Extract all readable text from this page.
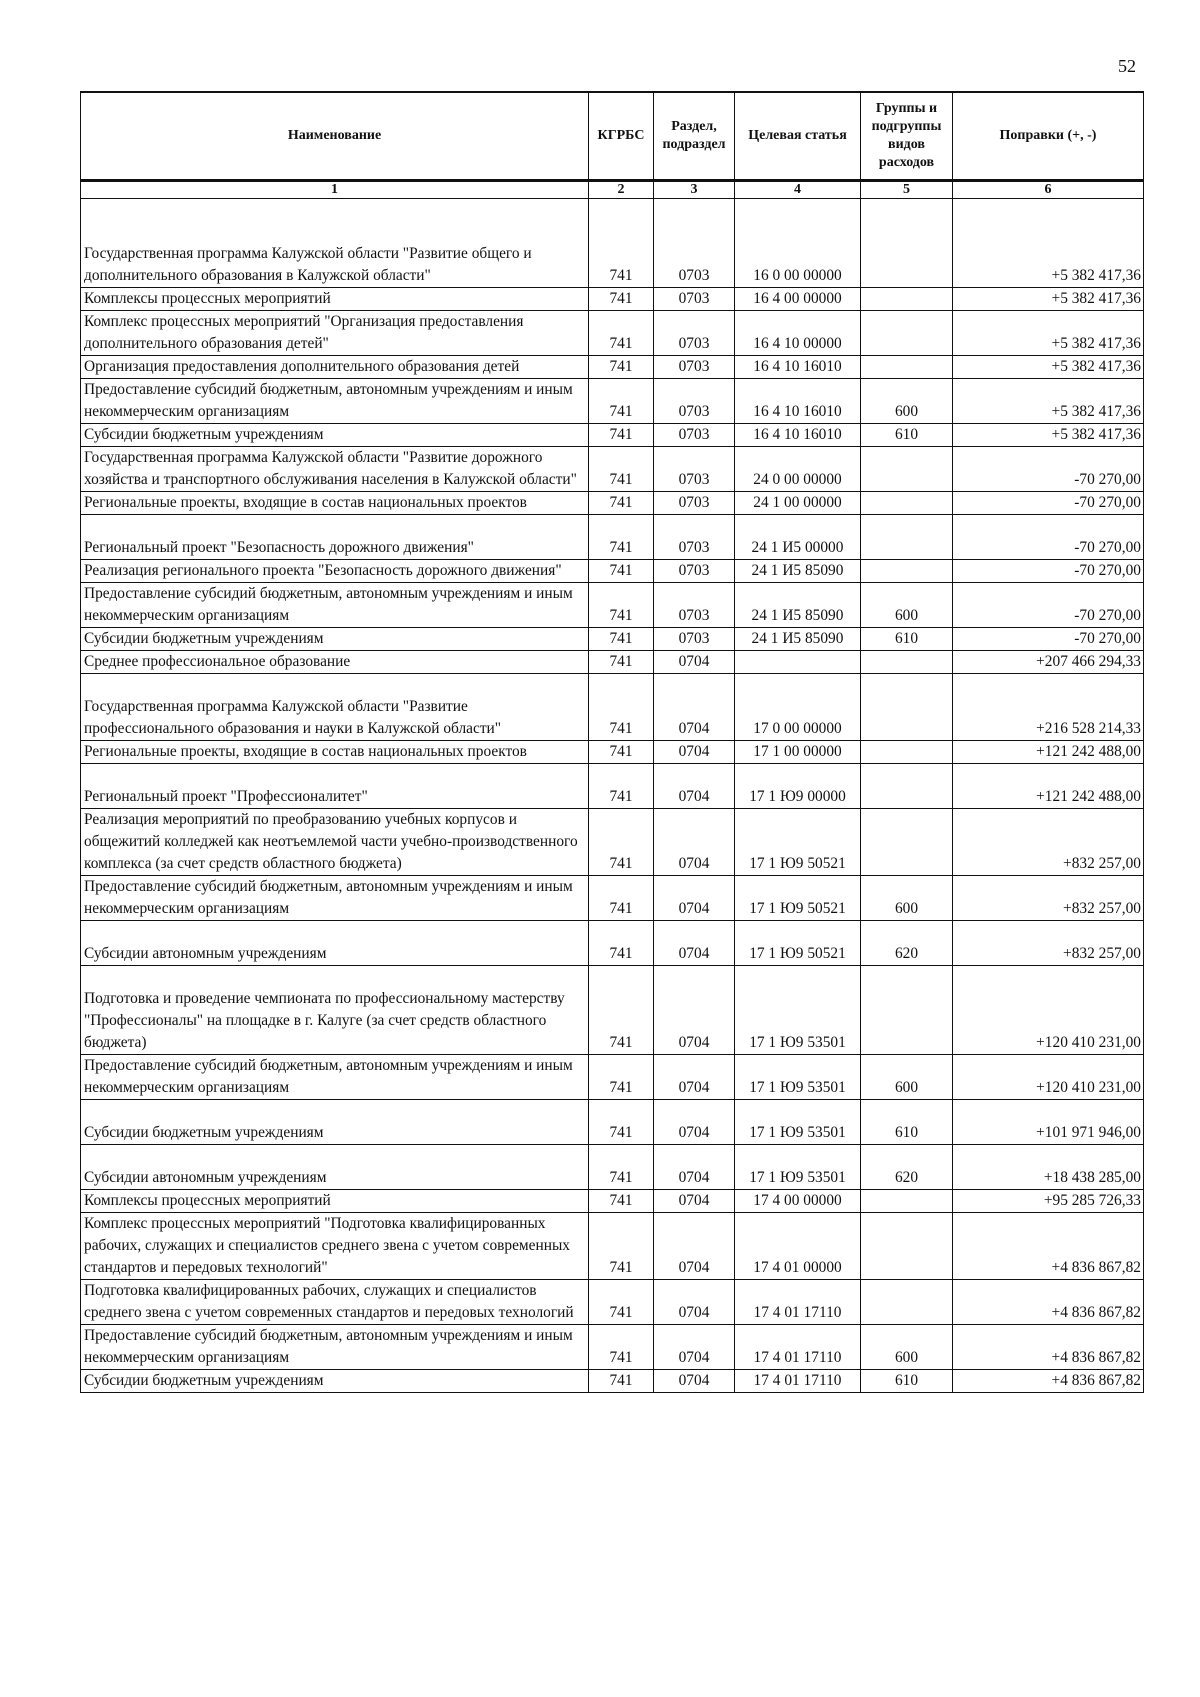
52
Наименование	КГРБС	Раздел, подраздел	Целевая статья	Группы и подгруппы видов расходов	Поправки (+, -)
1	2	3	4	5	6
Государственная программа Калужской области "Развитие общего и дополнительного образования в Калужской области"	741	0703	16 0 00 00000		+5 382 417,36
Комплексы процессных мероприятий	741	0703	16 4 00 00000		+5 382 417,36
Комплекс процессных мероприятий "Организация предоставления дополнительного образования детей"	741	0703	16 4 10 00000		+5 382 417,36
Организация предоставления дополнительного образования детей	741	0703	16 4 10 16010		+5 382 417,36
Предоставление субсидий бюджетным, автономным учреждениям и иным некоммерческим организациям	741	0703	16 4 10 16010	600	+5 382 417,36
Субсидии бюджетным учреждениям	741	0703	16 4 10 16010	610	+5 382 417,36
Государственная программа Калужской области "Развитие дорожного хозяйства и транспортного обслуживания населения в Калужской области"	741	0703	24 0 00 00000		-70 270,00
Региональные проекты, входящие в состав национальных проектов	741	0703	24 1 00 00000		-70 270,00
Региональный проект "Безопасность дорожного движения"	741	0703	24 1 И5 00000		-70 270,00
Реализация регионального проекта "Безопасность дорожного движения"	741	0703	24 1 И5 85090		-70 270,00
Предоставление субсидий бюджетным, автономным учреждениям и иным некоммерческим организациям	741	0703	24 1 И5 85090	600	-70 270,00
Субсидии бюджетным учреждениям	741	0703	24 1 И5 85090	610	-70 270,00
Среднее профессиональное образование	741	0704			+207 466 294,33
Государственная программа Калужской области "Развитие профессионального образования и науки в Калужской области"	741	0704	17 0 00 00000		+216 528 214,33
Региональные проекты, входящие в состав национальных проектов	741	0704	17 1 00 00000		+121 242 488,00
Региональный проект "Профессионалитет"	741	0704	17 1 Ю9 00000		+121 242 488,00
Реализация мероприятий по преобразованию учебных корпусов и общежитий колледжей как неотъемлемой части учебно-производственного комплекса (за счет средств областного бюджета)	741	0704	17 1 Ю9 50521		+832 257,00
Предоставление субсидий бюджетным, автономным учреждениям и иным некоммерческим организациям	741	0704	17 1 Ю9 50521	600	+832 257,00
Субсидии автономным учреждениям	741	0704	17 1 Ю9 50521	620	+832 257,00
Подготовка и проведение чемпионата по профессиональному мастерству "Профессионалы" на площадке в г. Калуге (за счет средств областного бюджета)	741	0704	17 1 Ю9 53501		+120 410 231,00
Предоставление субсидий бюджетным, автономным учреждениям и иным некоммерческим организациям	741	0704	17 1 Ю9 53501	600	+120 410 231,00
Субсидии бюджетным учреждениям	741	0704	17 1 Ю9 53501	610	+101 971 946,00
Субсидии автономным учреждениям	741	0704	17 1 Ю9 53501	620	+18 438 285,00
Комплексы процессных мероприятий	741	0704	17 4 00 00000		+95 285 726,33
Комплекс процессных мероприятий "Подготовка квалифицированных рабочих, служащих и специалистов среднего звена с учетом современных стандартов и передовых технологий"	741	0704	17 4 01 00000		+4 836 867,82
Подготовка квалифицированных рабочих, служащих и специалистов среднего звена с учетом современных стандартов и передовых технологий	741	0704	17 4 01 17110		+4 836 867,82
Предоставление субсидий бюджетным, автономным учреждениям и иным некоммерческим организациям	741	0704	17 4 01 17110	600	+4 836 867,82
Субсидии бюджетным учреждениям	741	0704	17 4 01 17110	610	+4 836 867,82
